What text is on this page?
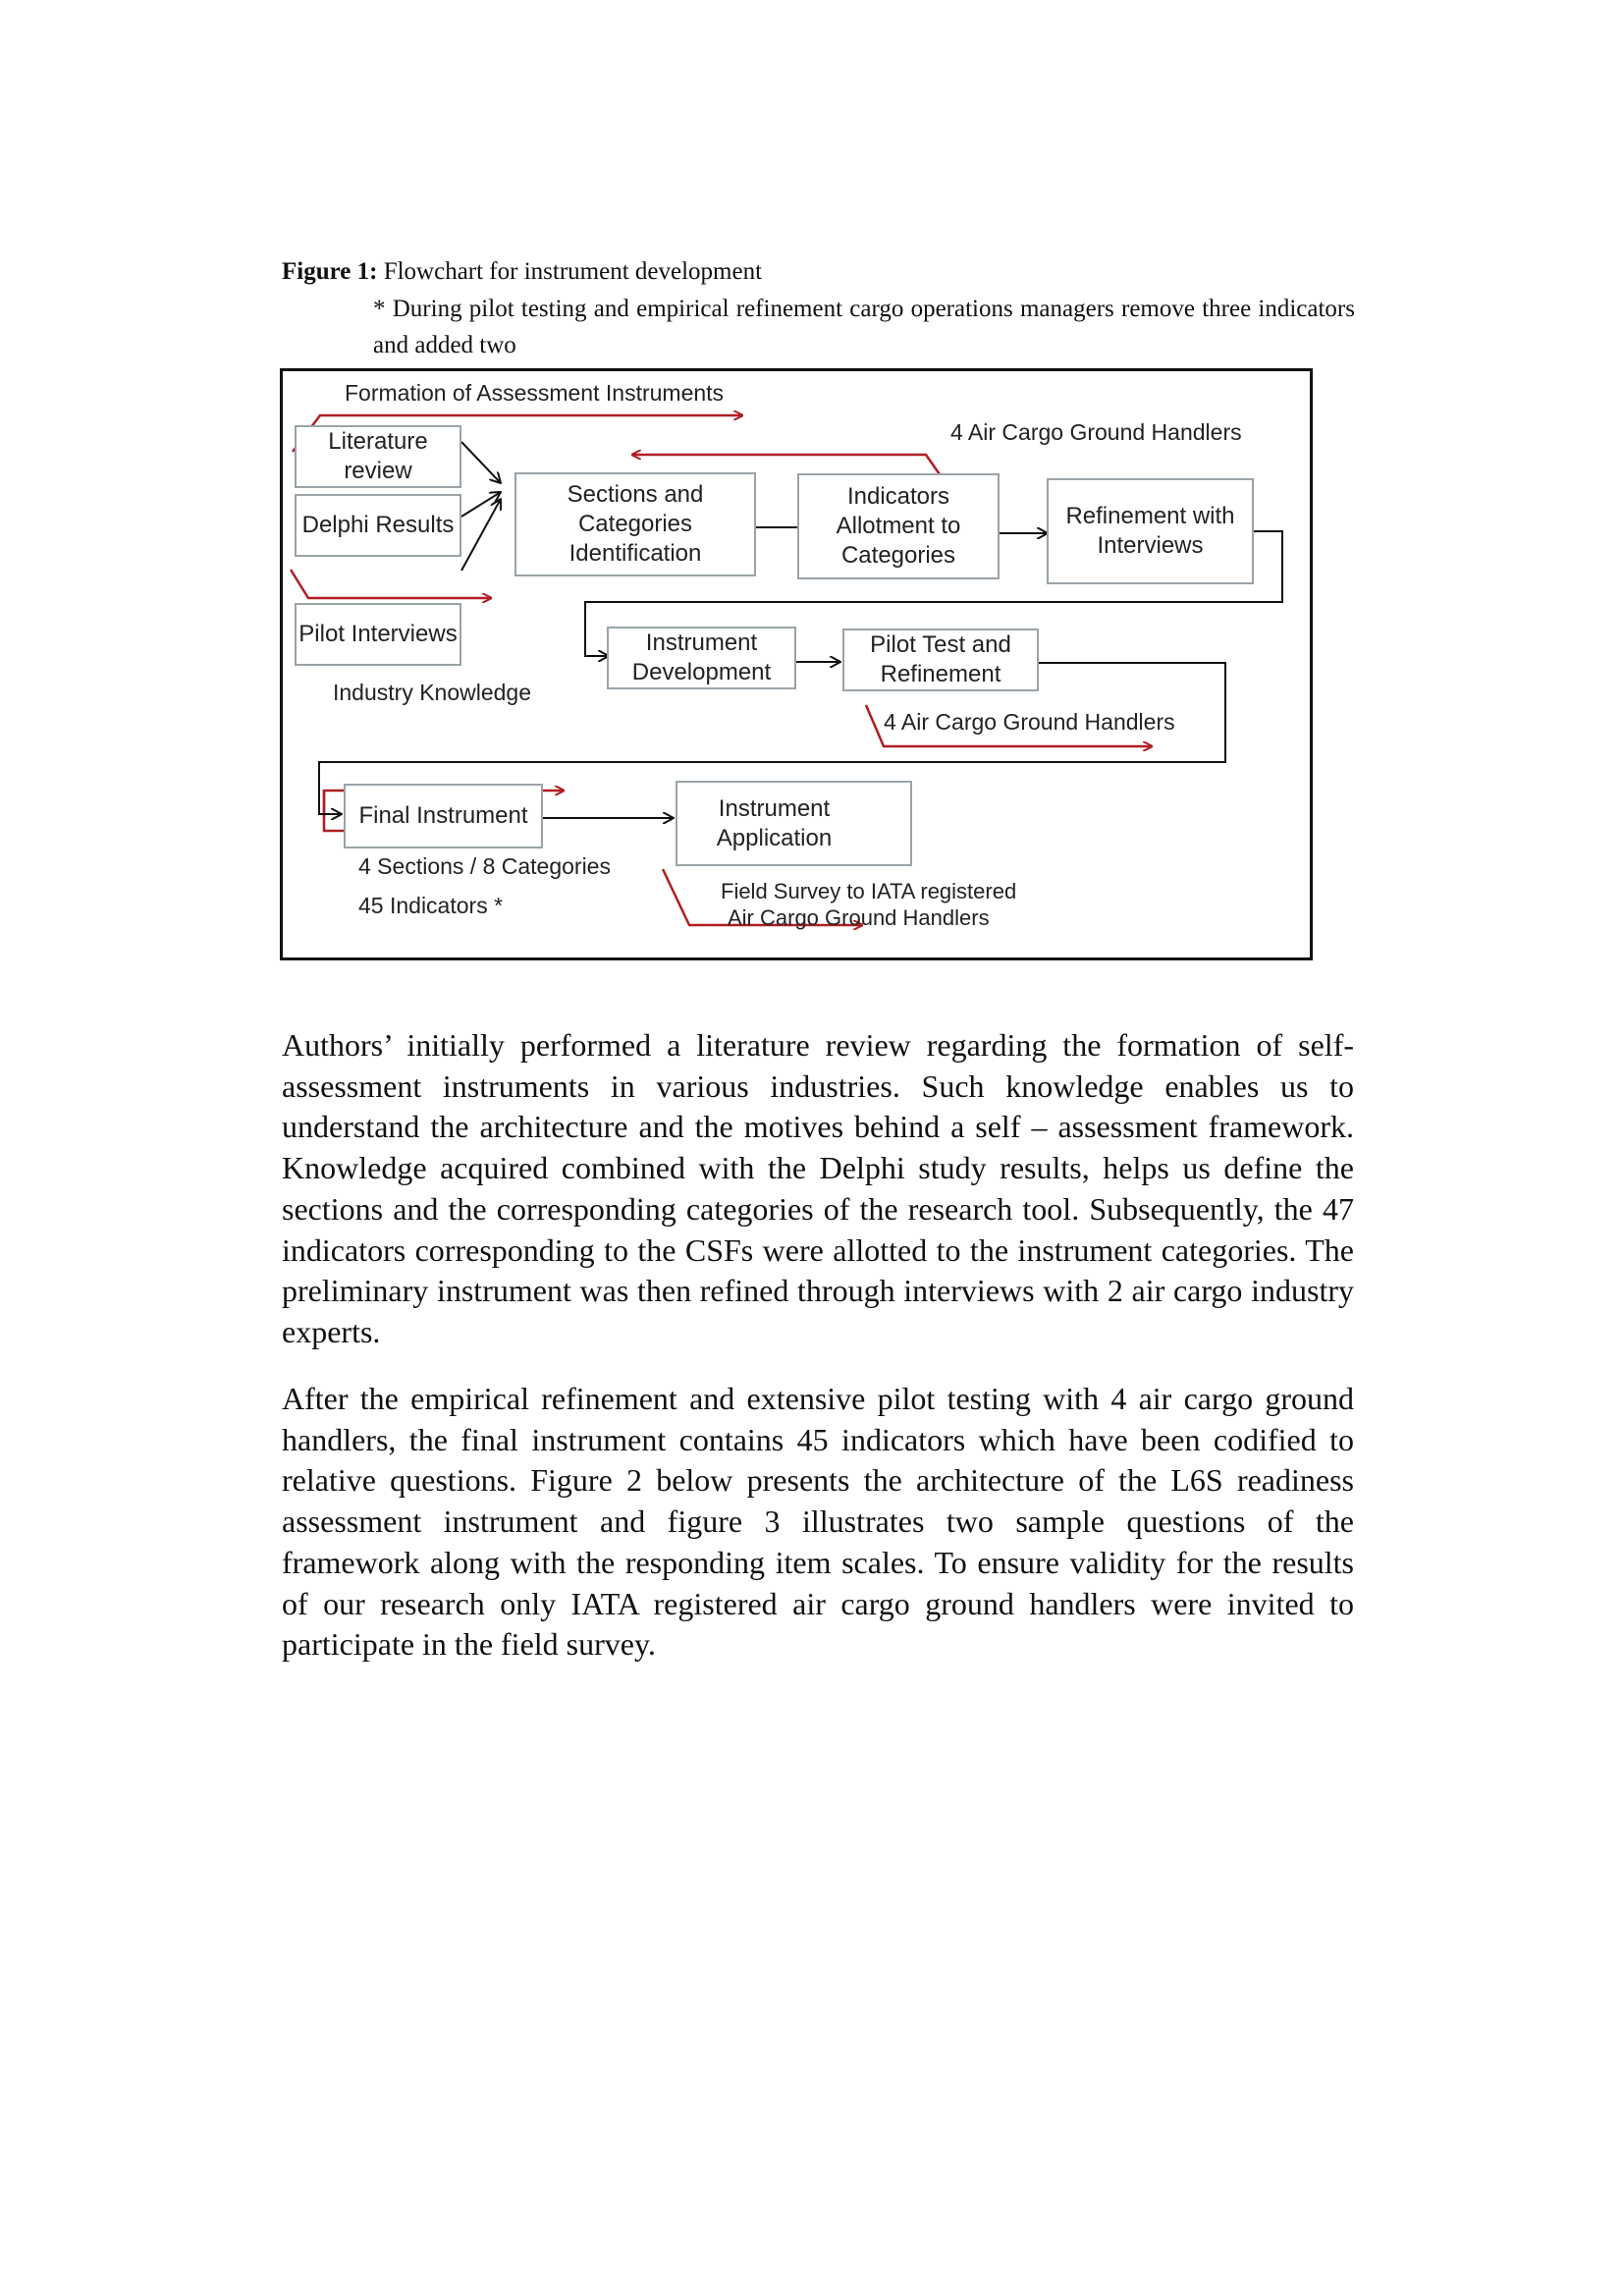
Figure 1: Flowchart for instrument development
* During pilot testing and empirical refinement cargo operations managers remove three indicators and added two
Literature review
Delphi Results
Pilot Interviews
Sections and Categories Identification
Indicators Allotment to Categories
Refinement with Interviews
Instrument Development
Pilot Test and Refinement
Final Instrument	Instrument Application
Formation of Assessment Instruments
4 Air Cargo Ground Handlers
Industry Knowledge
4 Air Cargo Ground Handlers
4 Sections / 8 Categories
45 Indicators *
Field Survey to IATA registered
Air Cargo Ground Handlers
Authors’ initially performed a literature review regarding the formation of self-assessment instruments in various industries. Such knowledge enables us to understand the architecture and the motives behind a self – assessment framework. Knowledge acquired combined with the Delphi study results, helps us define the sections and the corresponding categories of the research tool. Subsequently, the 47 indicators corresponding to the CSFs were allotted to the instrument categories. The preliminary instrument was then refined through interviews with 2 air cargo industry experts.
After the empirical refinement and extensive pilot testing with 4 air cargo ground handlers, the final instrument contains 45 indicators which have been codified to relative questions. Figure 2 below presents the architecture of the L6S readiness assessment instrument and figure 3 illustrates two sample questions of the framework along with the responding item scales. To ensure validity for the results of our research only IATA registered air cargo ground handlers were invited to participate in the field survey.
